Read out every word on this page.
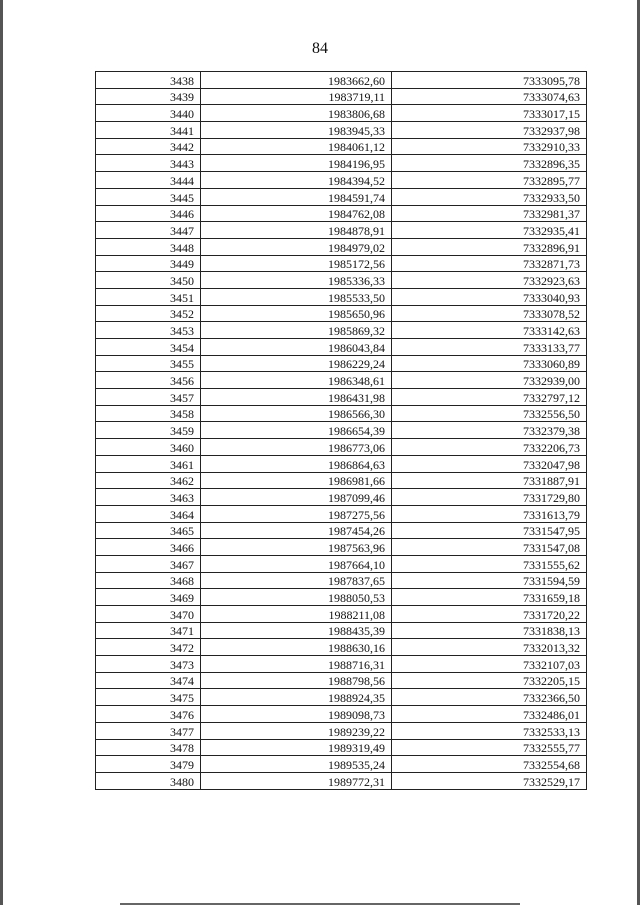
84
3438	1983662,60	7333095,78
3439	1983719,11	7333074,63
3440	1983806,68	7333017,15
3441	1983945,33	7332937,98
3442	1984061,12	7332910,33
3443	1984196,95	7332896,35
3444	1984394,52	7332895,77
3445	1984591,74	7332933,50
3446	1984762,08	7332981,37
3447	1984878,91	7332935,41
3448	1984979,02	7332896,91
3449	1985172,56	7332871,73
3450	1985336,33	7332923,63
3451	1985533,50	7333040,93
3452	1985650,96	7333078,52
3453	1985869,32	7333142,63
3454	1986043,84	7333133,77
3455	1986229,24	7333060,89
3456	1986348,61	7332939,00
3457	1986431,98	7332797,12
3458	1986566,30	7332556,50
3459	1986654,39	7332379,38
3460	1986773,06	7332206,73
3461	1986864,63	7332047,98
3462	1986981,66	7331887,91
3463	1987099,46	7331729,80
3464	1987275,56	7331613,79
3465	1987454,26	7331547,95
3466	1987563,96	7331547,08
3467	1987664,10	7331555,62
3468	1987837,65	7331594,59
3469	1988050,53	7331659,18
3470	1988211,08	7331720,22
3471	1988435,39	7331838,13
3472	1988630,16	7332013,32
3473	1988716,31	7332107,03
3474	1988798,56	7332205,15
3475	1988924,35	7332366,50
3476	1989098,73	7332486,01
3477	1989239,22	7332533,13
3478	1989319,49	7332555,77
3479	1989535,24	7332554,68
3480	1989772,31	7332529,17
